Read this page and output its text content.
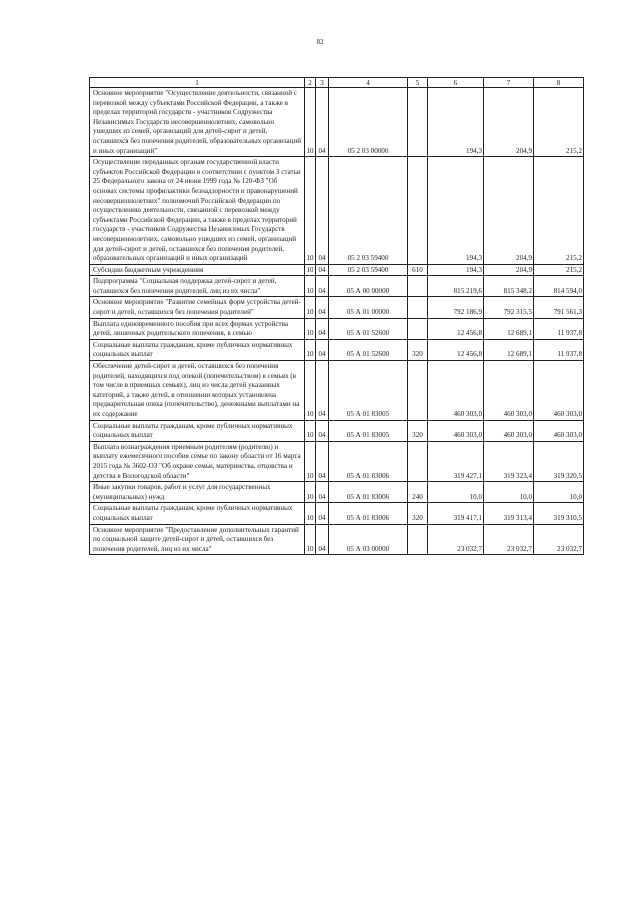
82
1	2	3	4	5	6	7	8
Основное мероприятие "Осуществление деятельности, связанной с перевозкой между субъектами Российской Федерации, а также в пределах территорий государств - участников Содружества Независимых Государств несовершеннолетних, самовольно ушедших из семей, организаций для детей-сирот и детей, оставшихся без попечения родителей, образовательных организаций и иных организаций"	10	04	05 2 03 00000		194,3	204,9	215,2
Осуществление переданных органам государственной власти субъектов Российской Федерации в соответствии с пунктом 3 статьи 25 Федерального закона от 24 июня 1999 года № 120-ФЗ "Об основах системы профилактики безнадзорности и правонарушений несовершеннолетних" полномочий Российской Федерации по осуществлению деятельности, связанной с перевозкой между субъектами Российской Федерации, а также в пределах территорий государств - участников Содружества Независимых Государств несовершеннолетних, самовольно ушедших из семей, организаций для детей-сирот и детей, оставшихся без попечения родителей, образовательных организаций и иных организаций	10	04	05 2 03 59400		194,3	204,9	215,2
Субсидии бюджетным учреждениям	10	04	05 2 03 59400	610	194,3	204,9	215,2
Подпрограмма "Социальная поддержка детей-сирот и детей, оставшихся без попечения родителей, лиц из их числа"	10	04	05 А 00 00000		815 219,6	815 348,2	814 594,0
Основное мероприятие "Развитие семейных форм устройства детей-сирот и детей, оставшихся без попечения родителей"	10	04	05 А 01 00000		792 186,9	792 315,5	791 561,3
Выплата единовременного пособия при всех формах устройства детей, лишенных родительского попечения, в семью	10	04	05 А 01 52600		12 456,8	12 689,1	11 937,8
Социальные выплаты гражданам, кроме публичных нормативных социальных выплат	10	04	05 А 01 52600	320	12 456,8	12 689,1	11 937,8
Обеспечение детей-сирот и детей, оставшихся без попечения родителей, находящихся под опекой (попечительством) в семьях (в том числе в приемных семьях), лиц из числа детей указанных категорий, а также детей, в отношении которых установлена предварительная опека (попечительство), денежными выплатами на их содержание	10	04	05 А 01 83005		460 303,0	460 303,0	460 303,0
Социальные выплаты гражданам, кроме публичных нормативных социальных выплат	10	04	05 А 01 83005	320	460 303,0	460 303,0	460 303,0
Выплата вознаграждения приемным родителям (родителю) и выплату ежемесячного пособия семье по закону области от 16 марта 2015 года № 3602-ОЗ "Об охране семьи, материнства, отцовства и детства в Вологодской области"	10	04	05 А 01 83006		319 427,1	319 323,4	319 320,5
Иные закупки товаров, работ и услуг для государственных (муниципальных) нужд	10	04	05 А 01 83006	240	10,0	10,0	10,0
Социальные выплаты гражданам, кроме публичных нормативных социальных выплат	10	04	05 А 01 83006	320	319 417,1	319 313,4	319 310,5
Основное мероприятие "Предоставление дополнительных гарантий по социальной защите детей-сирот и детей, оставшихся без попечения родителей, лиц из их числа"	10	04	05 А 03 00000		23 032,7	23 032,7	23 032,7
